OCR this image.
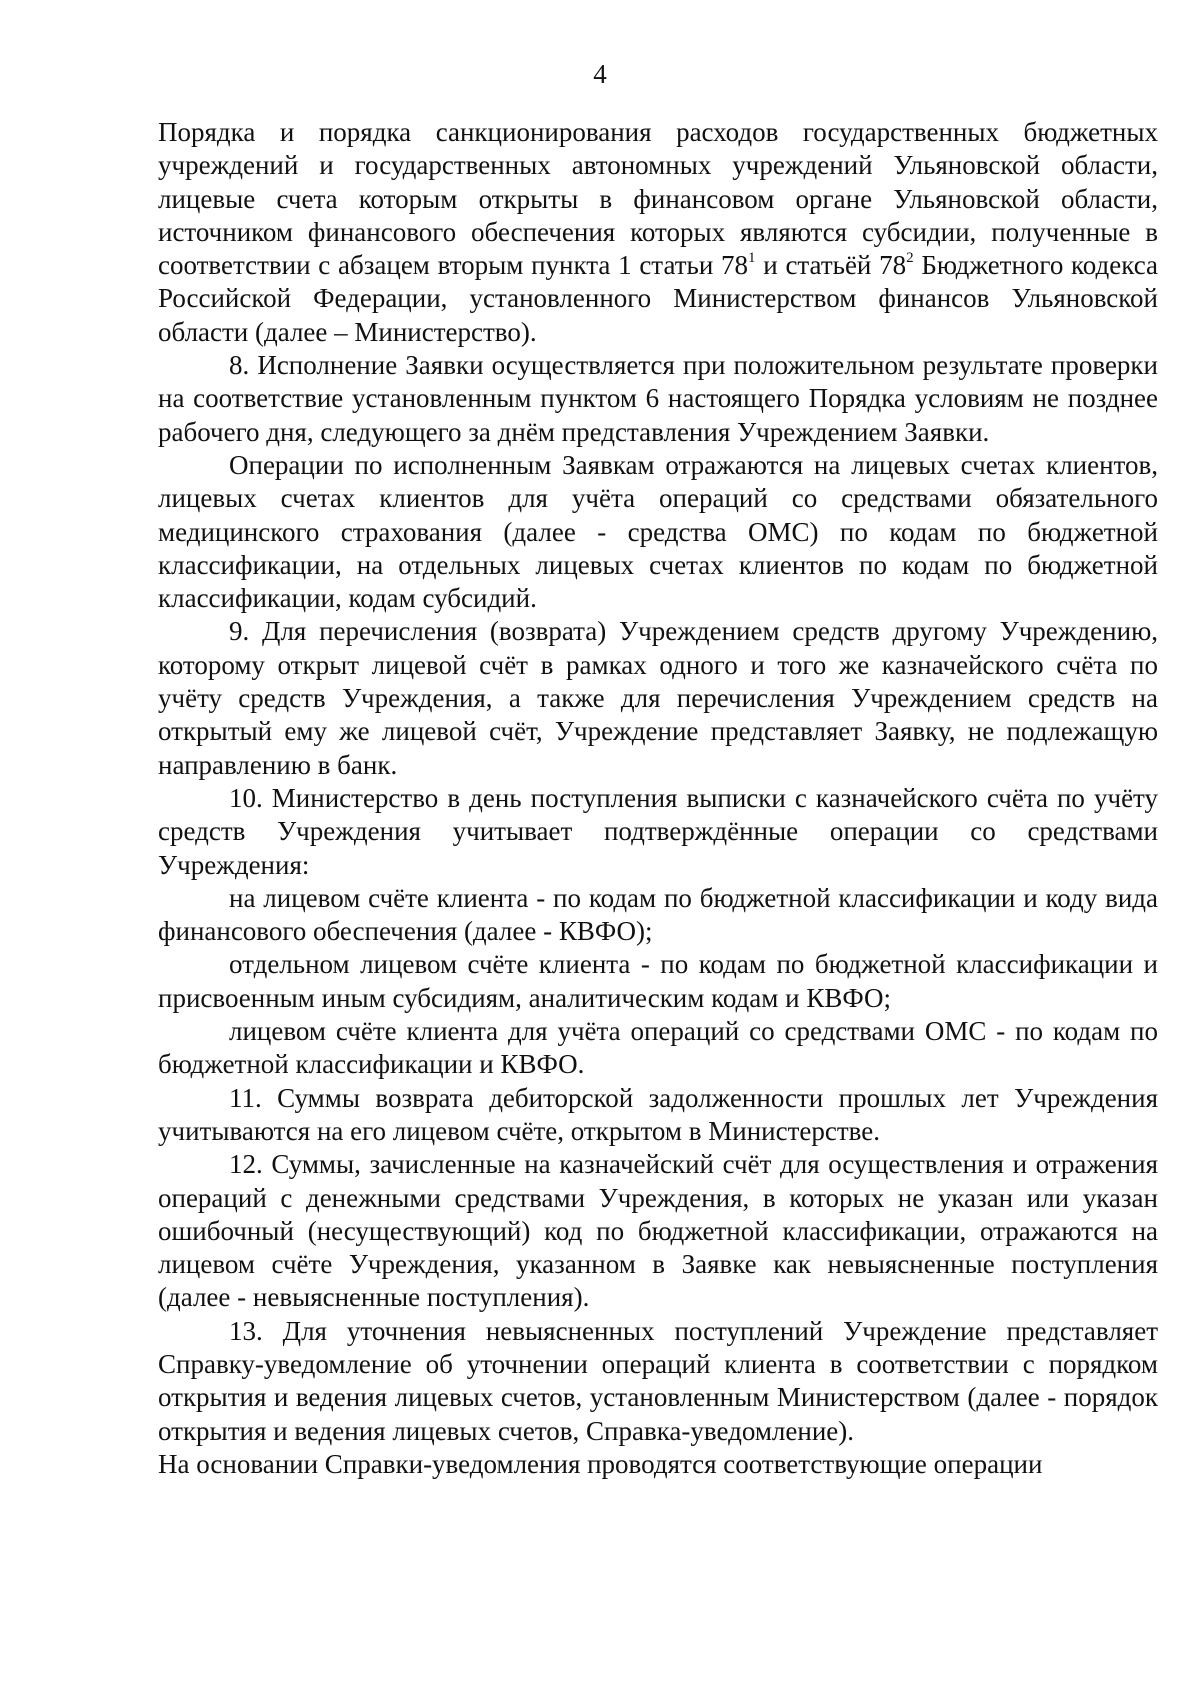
4

Порядка и порядка санкционирования расходов государственных бюджетных учреждений и государственных автономных учреждений Ульяновской области, лицевые счета которым открыты в финансовом органе Ульяновской области, источником финансового обеспечения которых являются субсидии, полученные в соответствии с абзацем вторым пункта 1 статьи $78^1$ и статьёй $78^2$ Бюджетного кодекса Российской Федерации, установленного Министерством финансов Ульяновской области (далее – Министерство).

8. Исполнение Заявки осуществляется при положительном результате проверки на соответствие установленным пунктом 6 настоящего Порядка условиям не позднее рабочего дня, следующего за днём представления Учреждением Заявки.

Операции по исполненным Заявкам отражаются на лицевых счетах клиентов, лицевых счетах клиентов для учёта операций со средствами обязательного медицинского страхования (далее - средства ОМС) по кодам по бюджетной классификации, на отдельных лицевых счетах клиентов по кодам по бюджетной классификации, кодам субсидий.

9. Для перечисления (возврата) Учреждением средств другому Учреждению, которому открыт лицевой счёт в рамках одного и того же казначейского счёта по учёту средств Учреждения, а также для перечисления Учреждением средств на открытый ему же лицевой счёт, Учреждение представляет Заявку, не подлежащую направлению в банк.

10. Министерство в день поступления выписки с казначейского счёта по учёту средств Учреждения учитывает подтверждённые операции со средствами Учреждения:

на лицевом счёте клиента - по кодам по бюджетной классификации и коду вида финансового обеспечения (далее - КВФО);

отдельном лицевом счёте клиента - по кодам по бюджетной классификации и присвоенным иным субсидиям, аналитическим кодам и КВФО;

лицевом счёте клиента для учёта операций со средствами ОМС - по кодам по бюджетной классификации и КВФО.

11. Суммы возврата дебиторской задолженности прошлых лет Учреждения учитываются на его лицевом счёте, открытом в Министерстве.

12. Суммы, зачисленные на казначейский счёт для осуществления и отражения операций с денежными средствами Учреждения, в которых не указан или указан ошибочный (несуществующий) код по бюджетной классификации, отражаются на лицевом счёте Учреждения, указанном в Заявке как невыясненные поступления (далее - невыясненные поступления).

13. Для уточнения невыясненных поступлений Учреждение представляет Справку-уведомление об уточнении операций клиента в соответствии с порядком открытия и ведения лицевых счетов, установленным Министерством (далее - порядок открытия и ведения лицевых счетов, Справка-уведомление).

На основании Справки-уведомления проводятся соответствующие операции
